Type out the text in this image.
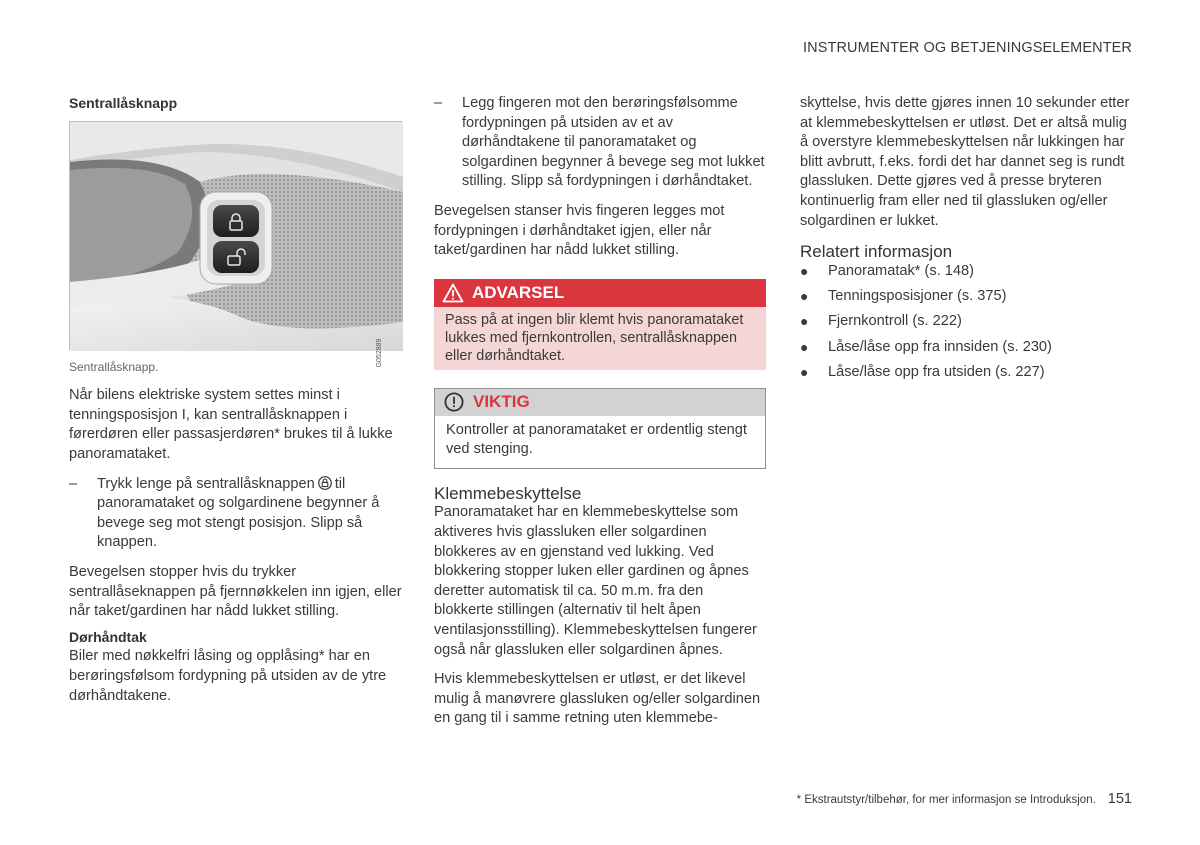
INSTRUMENTER OG BETJENINGSELEMENTER

Sentrallåsknapp

G052889

Sentrallåsknapp.

Når bilens elektriske system settes minst i tenningsposisjon I, kan sentrallåsknappen i førerdøren eller passasjerdøren* brukes til å lukke panoramataket.

–	Trykk lenge på sentrallåsknappen til panoramataket og solgardinene begynner å bevege seg mot stengt posisjon. Slipp så knappen.

Bevegelsen stopper hvis du trykker sentrallåseknappen på fjernnøkkelen inn igjen, eller når taket/gardinen har nådd lukket stilling.

Dørhåndtak

Biler med nøkkelfri låsing og opplåsing* har en berøringsfølsom fordypning på utsiden av de ytre dørhåndtakene.

–	Legg fingeren mot den berøringsfølsomme fordypningen på utsiden av et av dørhåndtakene til panoramataket og solgardinen begynner å bevege seg mot lukket stilling. Slipp så fordypningen i dørhåndtaket.

Bevegelsen stanser hvis fingeren legges mot fordypningen i dørhåndtaket igjen, eller når taket/gardinen har nådd lukket stilling.

ADVARSEL
Pass på at ingen blir klemt hvis panoramataket lukkes med fjernkontrollen, sentrallåsknappen eller dørhåndtaket.
VIKTIG
Kontroller at panoramataket er ordentlig stengt ved stenging.
Klemmebeskyttelse

Panoramataket har en klemmebeskyttelse som aktiveres hvis glassluken eller solgardinen blokkeres av en gjenstand ved lukking. Ved blokkering stopper luken eller gardinen og åpnes deretter automatisk til ca. 50 m.m. fra den blokkerte stillingen (alternativ til helt åpen ventilasjonsstilling). Klemmebeskyttelsen fungerer også når glassluken eller solgardinen åpnes.

Hvis klemmebeskyttelsen er utløst, er det likevel mulig å manøvrere glassluken og/eller solgardinen en gang til i samme retning uten klemmebe-

skyttelse, hvis dette gjøres innen 10 sekunder etter at klemmebeskyttelsen er utløst. Det er altså mulig å overstyre klemmebeskyttelsen når lukkingen har blitt avbrutt, f.eks. fordi det har dannet seg is rundt glassluken. Dette gjøres ved å presse bryteren kontinuerlig fram eller ned til glassluken og/eller solgardinen er lukket.

Relatert informasjon
●	Panoramatak* (s. 148)
●	Tenningsposisjoner (s. 375)
●	Fjernkontroll (s. 222)
●	Låse/låse opp fra innsiden (s. 230)
●	Låse/låse opp fra utsiden (s. 227)
* Ekstrautstyr/tilbehør, for mer informasjon se Introduksjon. 151
